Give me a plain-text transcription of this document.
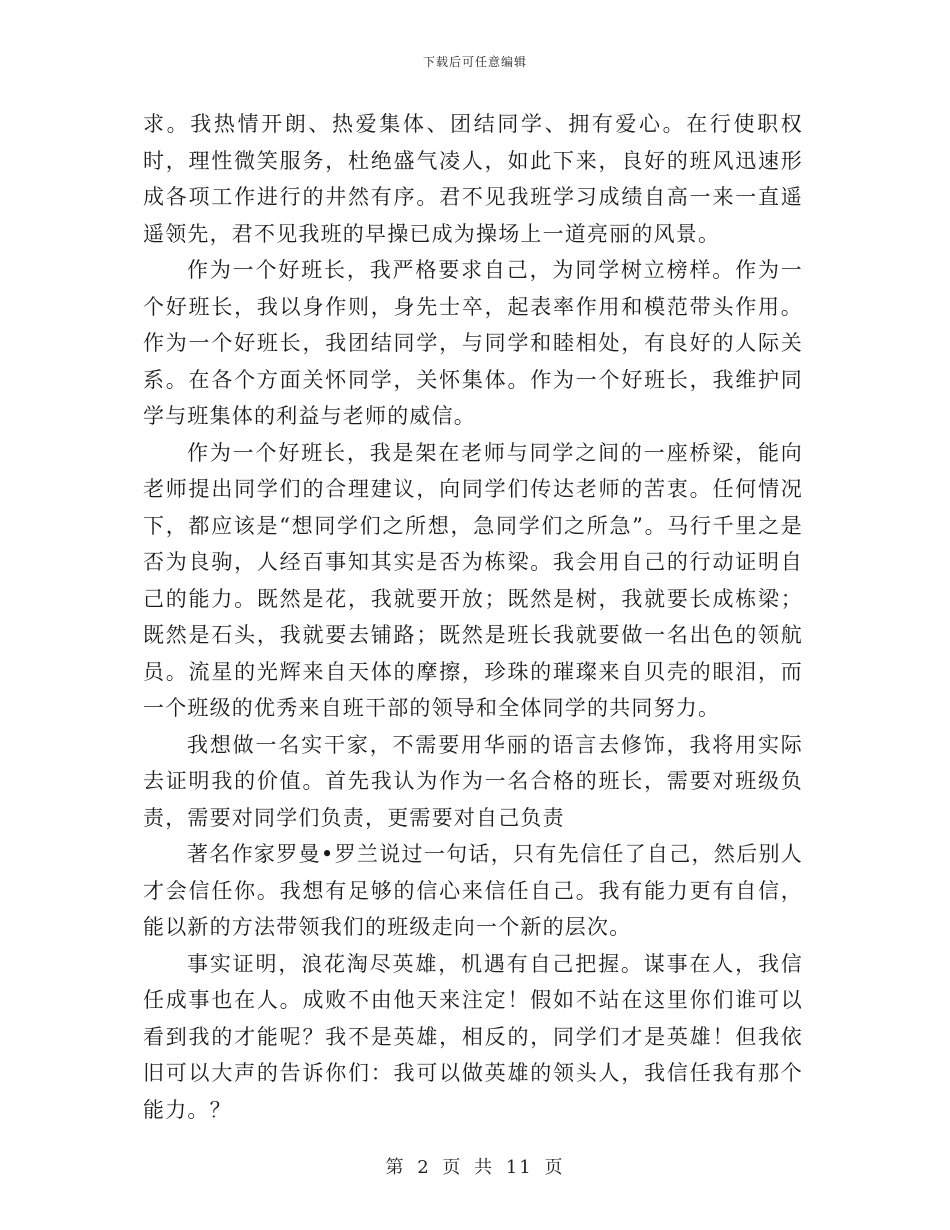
下载后可任意编辑

求。我热情开朗、热爱集体、团结同学、拥有爱心。在行使职权时，理性微笑服务，杜绝盛气凌人，如此下来，良好的班风迅速形成各项工作进行的井然有序。君不见我班学习成绩自高一来一直遥遥领先，君不见我班的早操已成为操场上一道亮丽的风景。

作为一个好班长，我严格要求自己，为同学树立榜样。作为一个好班长，我以身作则，身先士卒，起表率作用和模范带头作用。作为一个好班长，我团结同学，与同学和睦相处，有良好的人际关系。在各个方面关怀同学，关怀集体。作为一个好班长，我维护同学与班集体的利益与老师的威信。

作为一个好班长，我是架在老师与同学之间的一座桥梁，能向老师提出同学们的合理建议，向同学们传达老师的苦衷。任何情况下，都应该是“想同学们之所想，急同学们之所急”。马行千里之是否为良驹，人经百事知其实是否为栋梁。我会用自己的行动证明自己的能力。既然是花，我就要开放；既然是树，我就要长成栋梁；既然是石头，我就要去铺路；既然是班长我就要做一名出色的领航员。流星的光辉来自天体的摩擦，珍珠的璀璨来自贝壳的眼泪，而一个班级的优秀来自班干部的领导和全体同学的共同努力。

我想做一名实干家，不需要用华丽的语言去修饰，我将用实际去证明我的价值。首先我认为作为一名合格的班长，需要对班级负责，需要对同学们负责，更需要对自己负责

著名作家罗曼•罗兰说过一句话，只有先信任了自己，然后别人才会信任你。我想有足够的信心来信任自己。我有能力更有自信，能以新的方法带领我们的班级走向一个新的层次。

事实证明，浪花淘尽英雄，机遇有自己把握。谋事在人，我信任成事也在人。成败不由他天来注定！假如不站在这里你们谁可以看到我的才能呢？我不是英雄，相反的，同学们才是英雄！但我依旧可以大声的告诉你们：我可以做英雄的领头人，我信任我有那个能力。？

第 2 页 共 11 页
